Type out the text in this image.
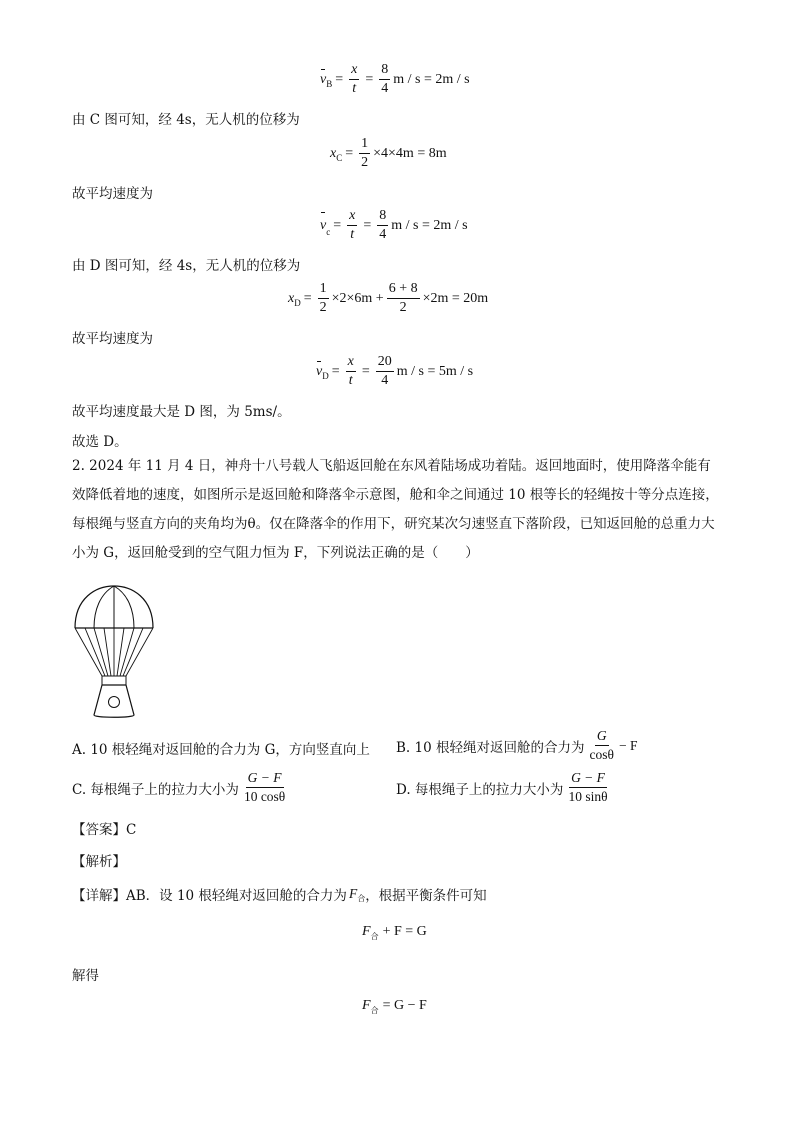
v $B = \frac{x}{t} = \frac{8}{4}$ m / s = 2m / s
由 C 图可知，经 4s，无人机的位移为
x $C = \frac{1}{2} \times 4\times 4m = 8m$
故平均速度为
v $c = \frac{x}{t} = \frac{8}{4}$ m / s = 2m / s
由 D 图可知，经 4s，无人机的位移为
x $D = \frac{1}{2} \times 2\times 6m + \frac{6 + 8}{2} \times 2m = 20m$
故平均速度为
v $D = \frac{x}{t} = \frac{20}{4}$ m / s = 5m / s
故平均速度最大是 D 图，为 5ms/。
故选 D。
2. 2024 年 11 月 4 日，神舟十八号载人飞船返回舱在东风着陆场成功着陆。返回地面时，使用降落伞能有效降低着地的速度，如图所示是返回舱和降落伞示意图，舱和伞之间通过 10 根等长的轻绳按十等分点连接，每根绳与竖直方向的夹角均为θ。仅在降落伞的作用下，研究某次匀速竖直下落阶段，已知返回舱的总重力大小为 G，返回舱受到的空气阻力恒为 F，下列说法正确的是（　　）
A. 10 根轻绳对返回舱的合力为 G，方向竖直向上 B. 10 根轻绳对返回舱的合力为 $\frac{G}{\cos\theta} - F$
C. 每根绳子上的拉力大小为 $\frac{G - F}{10 \cos\theta}$	D. 每根绳子上的拉力大小为 $\frac{G - F}{10 \sin\theta}$
【答案】C
【解析】
【详解】AB．设 10 根轻绳对返回舱的合力为 F 合 ，根据平衡条件可知
F 合 + F = G
解得
F 合 = G − F
